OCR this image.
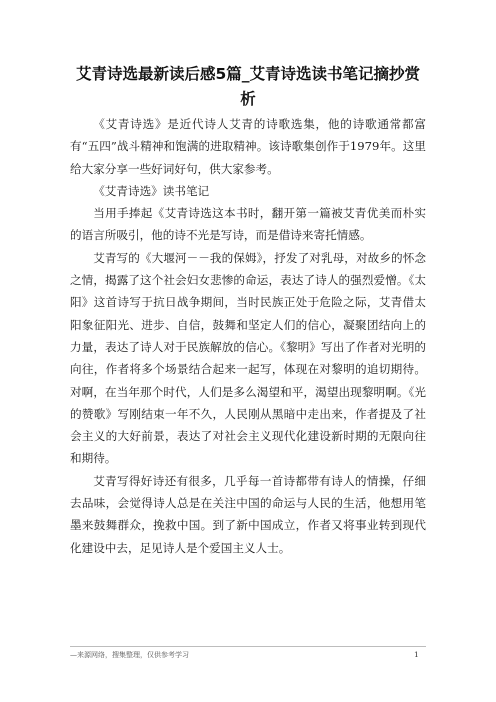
艾青诗选最新读后感5篇_艾青诗选读书笔记摘抄赏析

《艾青诗选》是近代诗人艾青的诗歌选集，他的诗歌通常都富有“五四”战斗精神和饱满的进取精神。该诗歌集创作于1979年。这里给大家分享一些好词好句，供大家参考。

《艾青诗选》读书笔记

当用手捧起《艾青诗选这本书时，翻开第一篇被艾青优美而朴实的语言所吸引，他的诗不光是写诗，而是借诗来寄托情感。

艾青写的《大堰河－－我的保姆》，抒发了对乳母，对故乡的怀念之情，揭露了这个社会妇女悲惨的命运，表达了诗人的强烈爱憎。《太阳》这首诗写于抗日战争期间，当时民族正处于危险之际，艾青借太阳象征阳光、进步、自信，鼓舞和坚定人们的信心，凝聚团结向上的力量，表达了诗人对于民族解放的信心。《黎明》写出了作者对光明的向往，作者将多个场景结合起来一起写，体现在对黎明的追切期待。对啊，在当年那个时代，人们是多么渴望和平，渴望出现黎明啊。《光的赞歌》写刚结束一年不久，人民刚从黑暗中走出来，作者提及了社会主义的大好前景，表达了对社会主义现代化建设新时期的无限向往和期待。

艾青写得好诗还有很多，几乎每一首诗都带有诗人的情操，仔细去品味，会觉得诗人总是在关注中国的命运与人民的生活，他想用笔墨来鼓舞群众，挽救中国。到了新中国成立，作者又将事业转到现代化建设中去，足见诗人是个爱国主义人士。

—来源网络，搜集整理，仅供参考学习	1
